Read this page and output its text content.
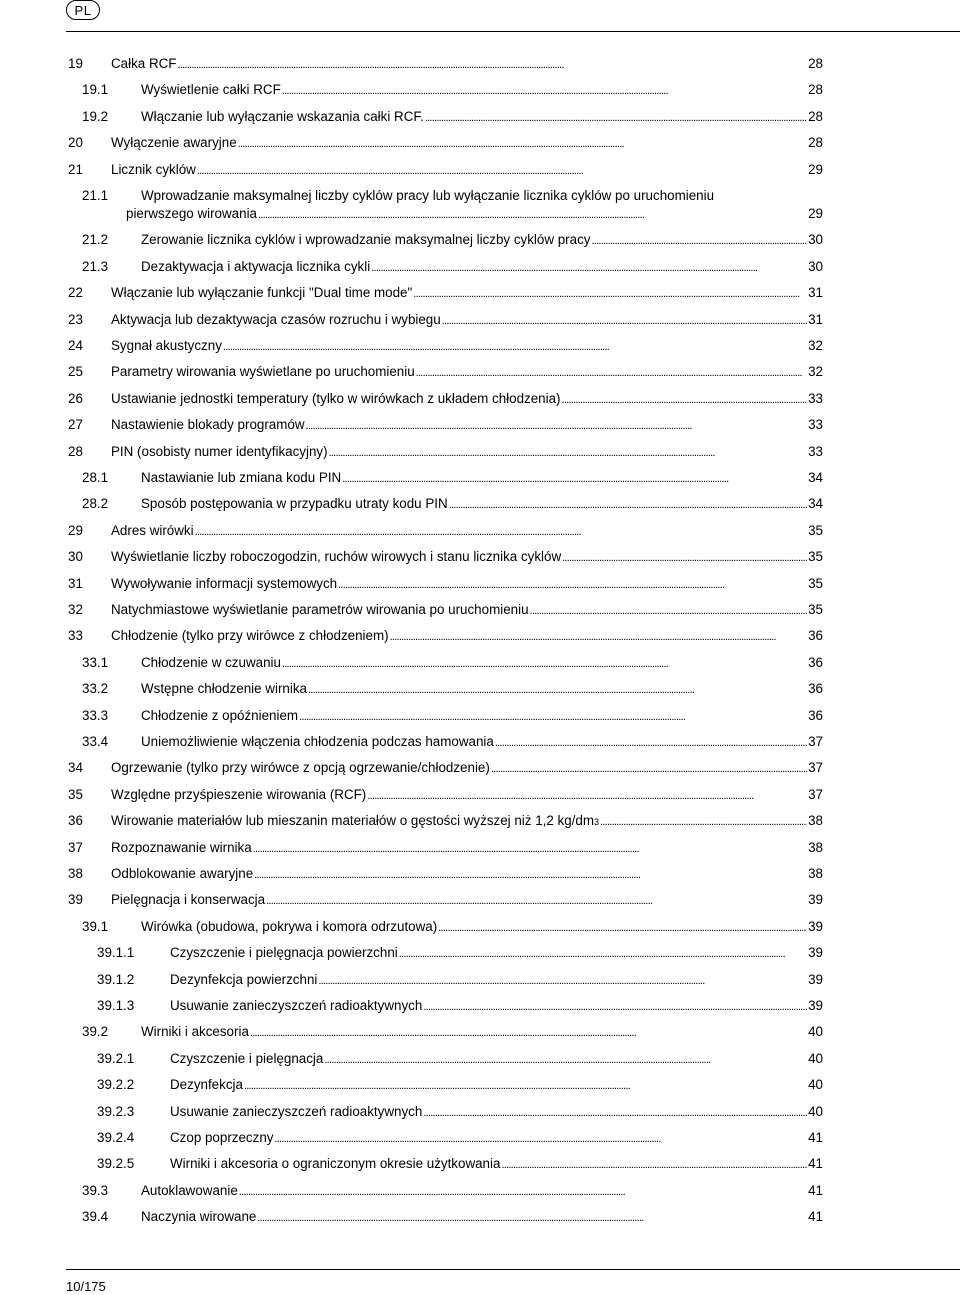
PL
19 Całka RCF . . .	28
19.1 Wyświetlenie całki RCF . . .	28
19.2 Włączanie lub wyłączanie wskazania całki RCF. . . .	28
20 Wyłączenie awaryjne . . .	28
21 Licznik cyklów . . .	29
21.1 Wprowadzanie maksymalnej liczby cyklów pracy lub wyłączanie licznika cyklów po uruchomieniu
pierwszego wirowania . . .	29
21.2 Zerowanie licznika cyklów i wprowadzanie maksymalnej liczby cyklów pracy . . .	30
21.3 Dezaktywacja i aktywacja licznika cykli . . .	30
22 Włączanie lub wyłączanie funkcji "Dual time mode" . . .	31
23 Aktywacja lub dezaktywacja czasów rozruchu i wybiegu . . .	31
24 Sygnał akustyczny . . .	32
25 Parametry wirowania wyświetlane po uruchomieniu . . .	32
26 Ustawianie jednostki temperatury (tylko w wirówkach z układem chłodzenia) . . .	33
27 Nastawienie blokady programów . . .	33
28 PIN (osobisty numer identyfikacyjny) . . .	33
28.1 Nastawianie lub zmiana kodu PIN . . .	34
28.2 Sposób postępowania w przypadku utraty kodu PIN . . .	34
29 Adres wirówki . . .	35
30 Wyświetlanie liczby roboczogodzin, ruchów wirowych i stanu licznika cyklów . . .	35
31 Wywoływanie informacji systemowych . . .	35
32 Natychmiastowe wyświetlanie parametrów wirowania po uruchomieniu . . .	35
33 Chłodzenie (tylko przy wirówce z chłodzeniem) . . .	36
33.1 Chłodzenie w czuwaniu . . .	36
33.2 Wstępne chłodzenie wirnika . . .	36
33.3 Chłodzenie z opóźnieniem . . .	36
33.4 Uniemożliwienie włączenia chłodzenia podczas hamowania . . .	37
34 Ogrzewanie (tylko przy wirówce z opcją ogrzewanie/chłodzenie) . . .	37
35 Względne przyśpieszenie wirowania (RCF) . . .	37
36 Wirowanie materiałów lub mieszanin materiałów o gęstości wyższej niż 1,2 kg/dm 3 . . .	38
37 Rozpoznawanie wirnika . . .	38
38 Odblokowanie awaryjne . . .	38
39 Pielęgnacja i konserwacja . . .	39
39.1 Wirówka (obudowa, pokrywa i komora odrzutowa) . . .	39
39.1.1	Czyszczenie i pielęgnacja powierzchni . . .	39
39.1.2	Dezynfekcja powierzchni . . .	39
39.1.3	Usuwanie zanieczyszczeń radioaktywnych . . .	39
39.2 Wirniki i akcesoria . . .	40
39.2.1	Czyszczenie i pielęgnacja . . .	40
39.2.2	Dezynfekcja . . .	40
39.2.3	Usuwanie zanieczyszczeń radioaktywnych . . .	40
39.2.4	Czop poprzeczny . . .	41
39.2.5	Wirniki i akcesoria o ograniczonym okresie użytkowania . . .	41
39.3 Autoklawowanie . . .	41
39.4 Naczynia wirowane . . .	41
10/175
